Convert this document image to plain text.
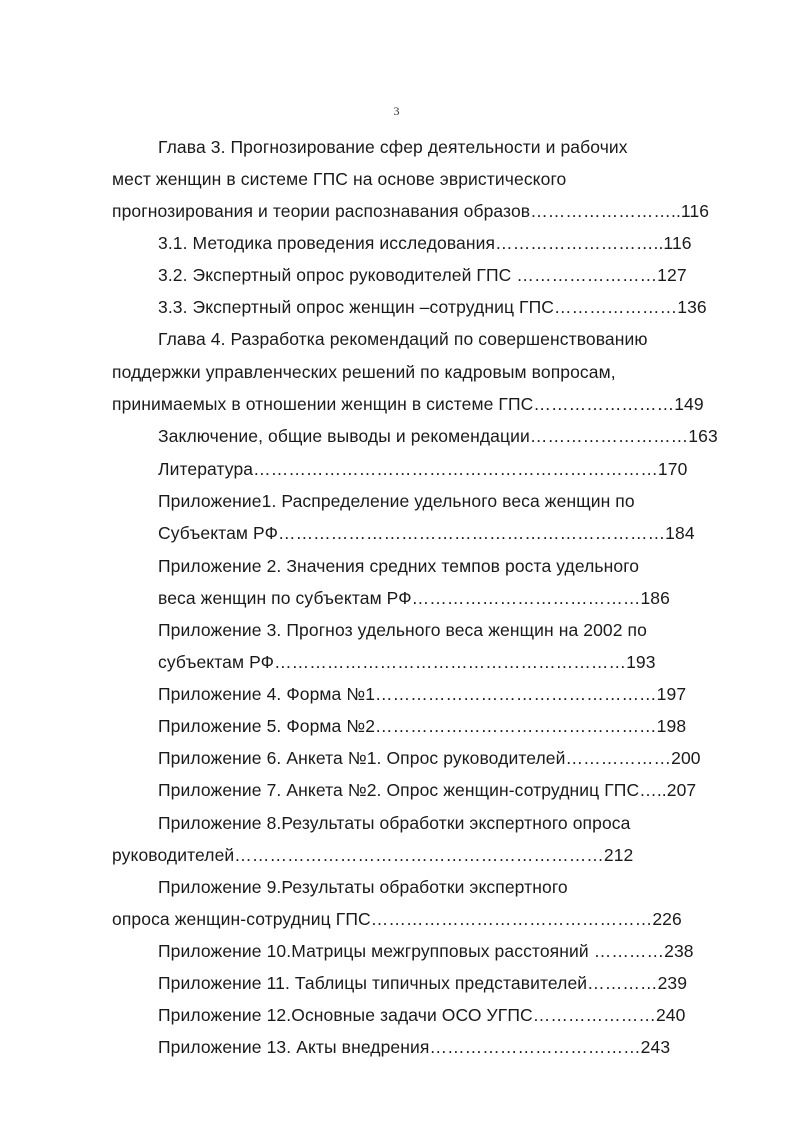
3
Глава 3. Прогнозирование сфер деятельности и рабочих
мест женщин в системе ГПС на основе эвристического
прогнозирования и теории распознавания образов……………………..116
3.1. Методика проведения исследования………………………..116
3.2. Экспертный опрос руководителей ГПС ……………………127
3.3. Экспертный опрос женщин –сотрудниц ГПС…………………136
Глава 4. Разработка рекомендаций по совершенствованию
поддержки управленческих решений по кадровым вопросам,
принимаемых в отношении женщин в системе ГПС……………………149
Заключение, общие выводы и рекомендации………………………163
Литература……………………………………………………………170
Приложение1. Распределение удельного веса женщин по
Субъектам РФ…………………………………………………………184
Приложение 2. Значения средних темпов роста удельного
веса женщин по субъектам РФ…………………………………186
Приложение 3. Прогноз удельного веса женщин на 2002 по
субъектам РФ……………………………………………………193
Приложение 4. Форма №1…………………………………………197
Приложение 5. Форма №2…………………………………………198
Приложение 6. Анкета №1. Опрос руководителей………………200
Приложение 7. Анкета №2. Опрос женщин-сотрудниц ГПС…..207
Приложение 8.Результаты обработки экспертного опроса
руководителей………………………………………………………212
Приложение 9.Результаты обработки экспертного
опроса женщин-сотрудниц ГПС…………………………………………226
Приложение 10.Матрицы межгрупповых расстояний …………238
Приложение 11. Таблицы типичных представителей…………239
Приложение 12.Основные задачи ОСО УГПС…………………240
Приложение 13. Акты внедрения………………………………243
